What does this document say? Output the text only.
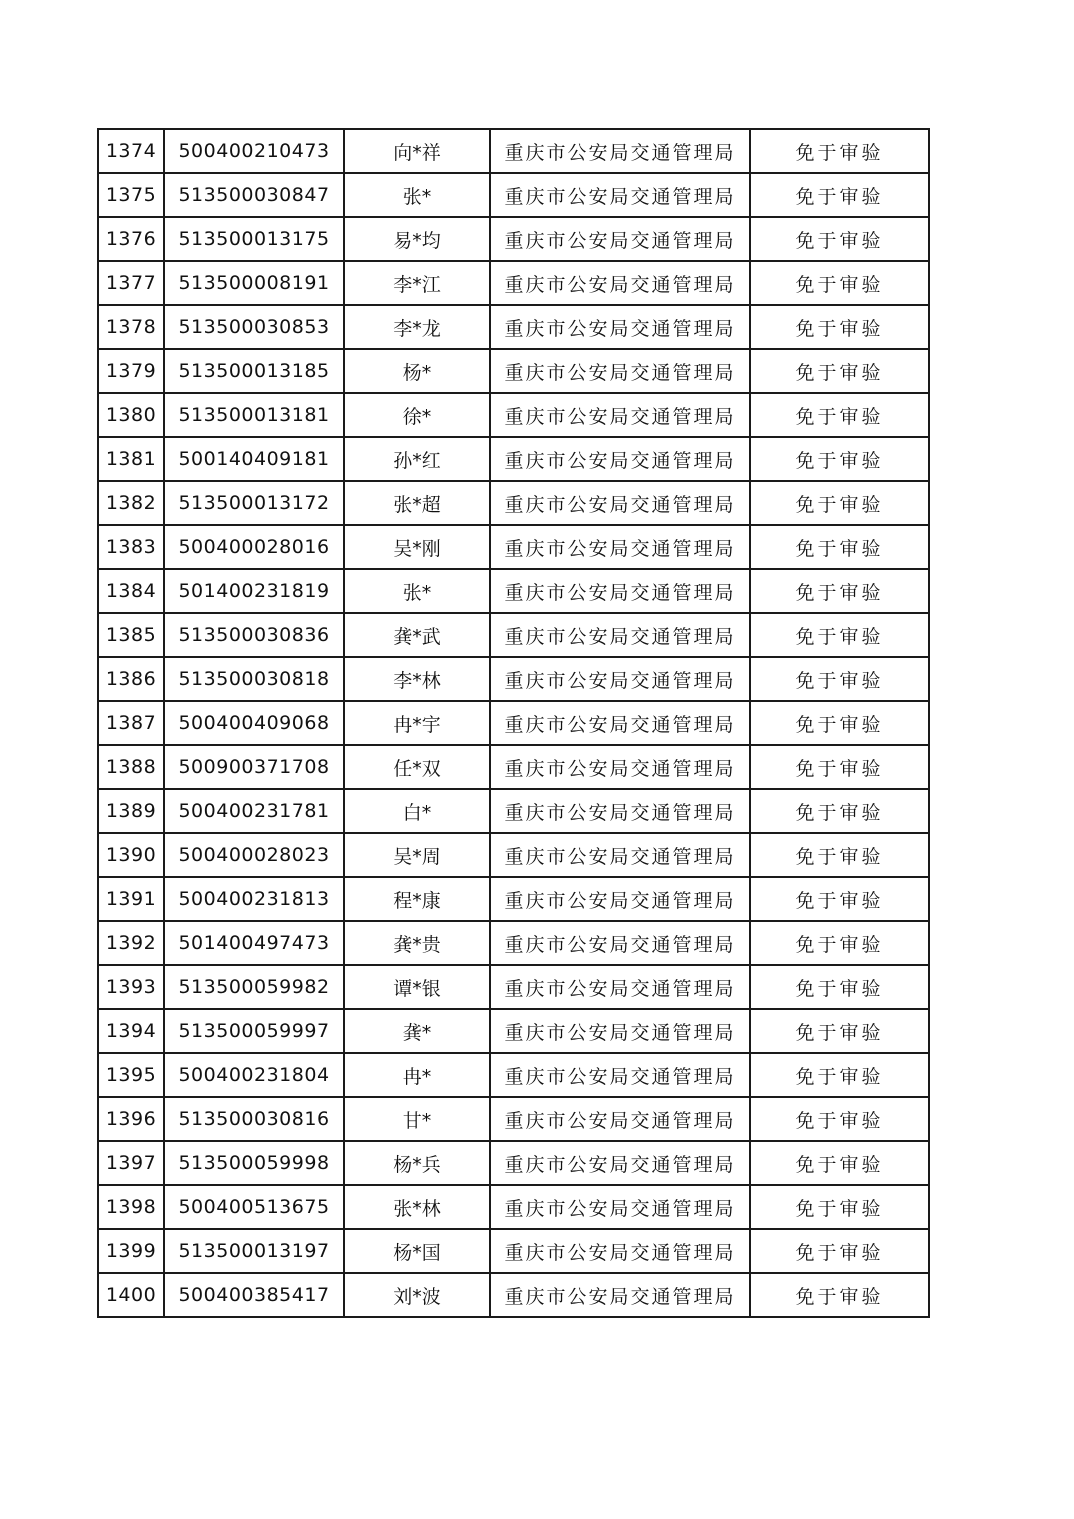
1374	500400210473	向*祥	重庆市公安局交通管理局	免于审验
1375	513500030847	张*	重庆市公安局交通管理局	免于审验
1376	513500013175	易*均	重庆市公安局交通管理局	免于审验
1377	513500008191	李*江	重庆市公安局交通管理局	免于审验
1378	513500030853	李*龙	重庆市公安局交通管理局	免于审验
1379	513500013185	杨*	重庆市公安局交通管理局	免于审验
1380	513500013181	徐*	重庆市公安局交通管理局	免于审验
1381	500140409181	孙*红	重庆市公安局交通管理局	免于审验
1382	513500013172	张*超	重庆市公安局交通管理局	免于审验
1383	500400028016	吴*刚	重庆市公安局交通管理局	免于审验
1384	501400231819	张*	重庆市公安局交通管理局	免于审验
1385	513500030836	龚*武	重庆市公安局交通管理局	免于审验
1386	513500030818	李*林	重庆市公安局交通管理局	免于审验
1387	500400409068	冉*宇	重庆市公安局交通管理局	免于审验
1388	500900371708	任*双	重庆市公安局交通管理局	免于审验
1389	500400231781	白*	重庆市公安局交通管理局	免于审验
1390	500400028023	吴*周	重庆市公安局交通管理局	免于审验
1391	500400231813	程*康	重庆市公安局交通管理局	免于审验
1392	501400497473	龚*贵	重庆市公安局交通管理局	免于审验
1393	513500059982	谭*银	重庆市公安局交通管理局	免于审验
1394	513500059997	龚*	重庆市公安局交通管理局	免于审验
1395	500400231804	冉*	重庆市公安局交通管理局	免于审验
1396	513500030816	甘*	重庆市公安局交通管理局	免于审验
1397	513500059998	杨*兵	重庆市公安局交通管理局	免于审验
1398	500400513675	张*林	重庆市公安局交通管理局	免于审验
1399	513500013197	杨*国	重庆市公安局交通管理局	免于审验
1400	500400385417	刘*波	重庆市公安局交通管理局	免于审验
